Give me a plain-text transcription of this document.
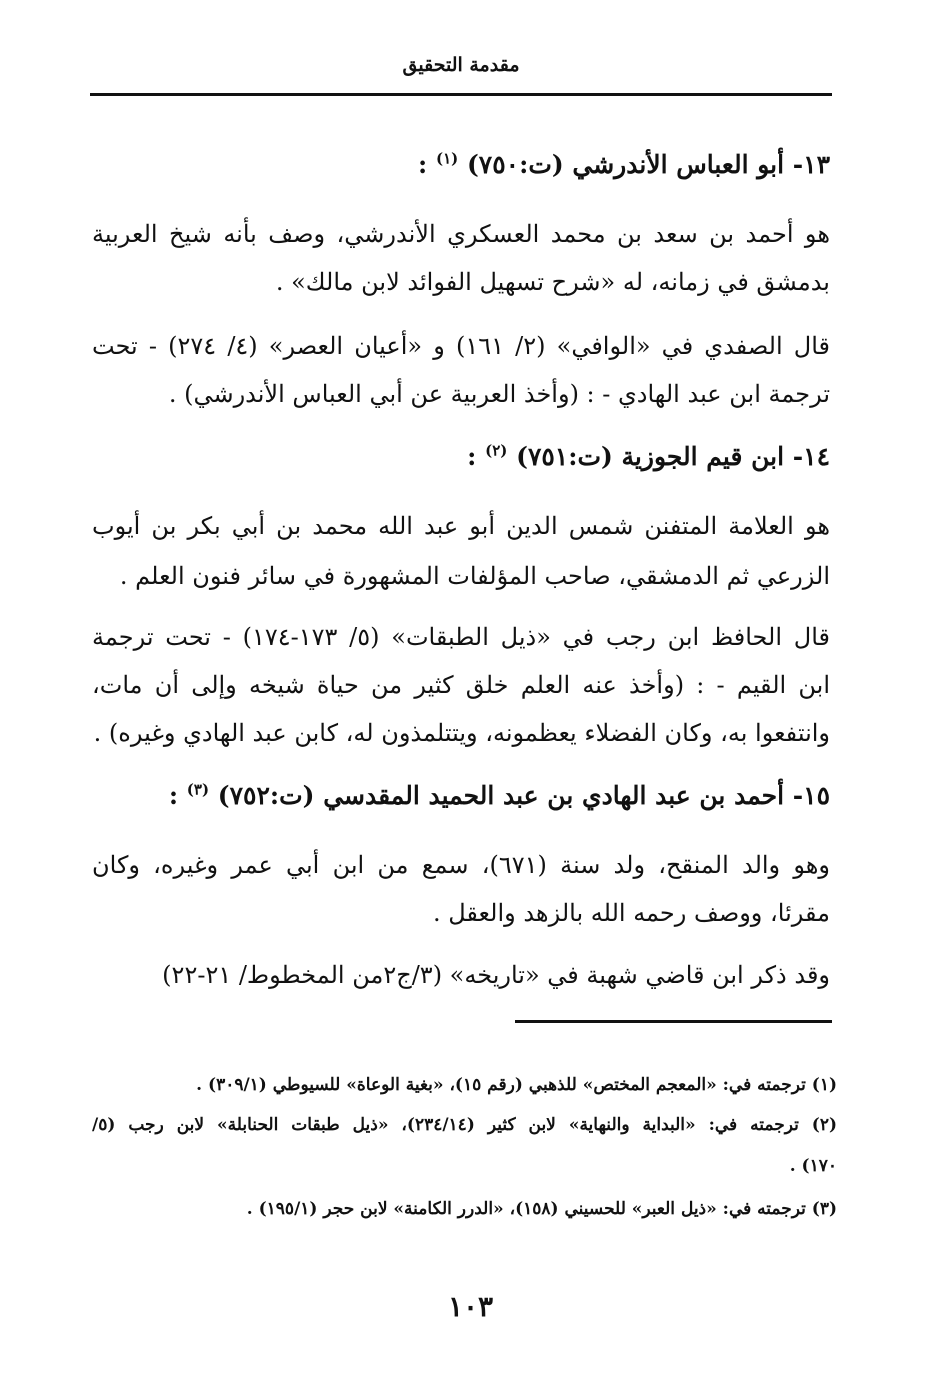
مقدمة التحقيق
١٣- أبو العباس الأندرشي (ت:٧٥٠) $^{(١)}$ :
هو أحمد بن سعد بن محمد العسكري الأندرشي، وصف بأنه شيخ العربية
بدمشق في زمانه، له «شرح تسهيل الفوائد لابن مالك» .
قال الصفدي في «الوافي» (٢/ ١٦١) و «أعيان العصر» (٤/ ٢٧٤) - تحت
ترجمة ابن عبد الهادي - : (وأخذ العربية عن أبي العباس الأندرشي) .
١٤- ابن قيم الجوزية (ت:٧٥١) $^{(٢)}$ :
هو العلامة المتفنن شمس الدين أبو عبد الله محمد بن أبي بكر بن أيوب
الزرعي ثم الدمشقي، صاحب المؤلفات المشهورة في سائر فنون العلم .
قال الحافظ ابن رجب في «ذيل الطبقات» (٥/ ١٧٣-١٧٤) - تحت ترجمة
ابن القيم - : (وأخذ عنه العلم خلق كثير من حياة شيخه وإلى أن مات،
وانتفعوا به، وكان الفضلاء يعظمونه، ويتتلمذون له، كابن عبد الهادي وغيره) .
١٥- أحمد بن عبد الهادي بن عبد الحميد المقدسي (ت:٧٥٢) $^{(٣)}$ :
وهو والد المنقح، ولد سنة (٦٧١)، سمع من ابن أبي عمر وغيره، وكان
مقرئا، ووصف رحمه الله بالزهد والعقل .
وقد ذكر ابن قاضي شهبة في «تاريخه» (٣/ج٢من المخطوط/ ٢١-٢٢)
(١) ترجمته في: «المعجم المختص» للذهبي (رقم ١٥)، «بغية الوعاة» للسيوطي (٣٠٩/١) .
(٢) ترجمته في: «البداية والنهاية» لابن كثير (٢٣٤/١٤)، «ذيل طبقات الحنابلة» لابن رجب (٥/
١٧٠) .
(٣) ترجمته في: «ذيل العبر» للحسيني (١٥٨)، «الدرر الكامنة» لابن حجر (١٩٥/١) .
١٠٣
